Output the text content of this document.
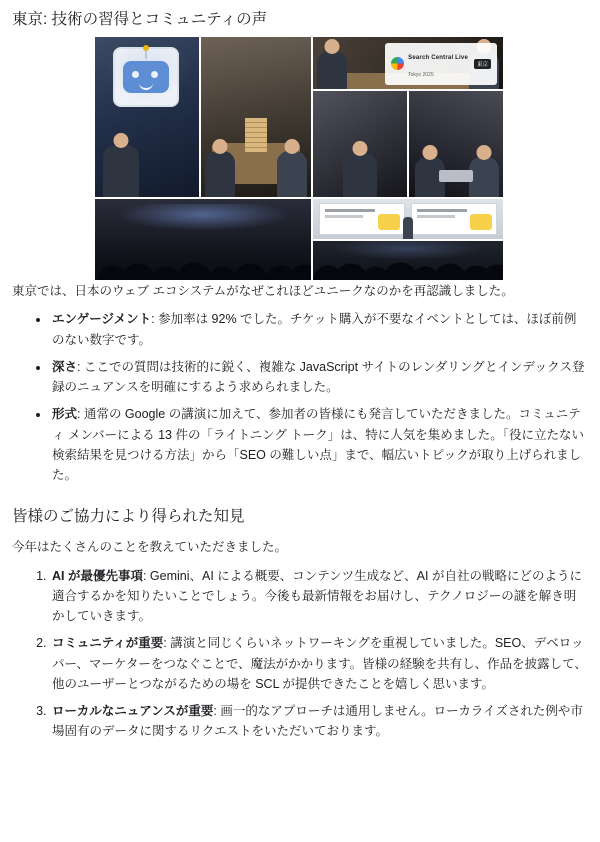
東京: 技術の習得とコミュニティの声
Search Central Live
Tokyo 2025
東京

東京では、日本のウェブ エコシステムがなぜこれほどユニークなのかを再認識しました。

• エンゲージメント: 参加率は 92% でした。チケット購入が不要なイベントとしては、ほぼ前例のない数字です。
• 深さ: ここでの質問は技術的に鋭く、複雑な JavaScript サイトのレンダリングとインデックス登録のニュアンスを明確にするよう求められました。
• 形式: 通常の Google の講演に加えて、参加者の皆様にも発言していただきました。コミュニティ メンバーによる 13 件の「ライトニング トーク」は、特に人気を集めました。「役に立たない検索結果を見つける方法」から「SEO の難しい点」まで、幅広いトピックが取り上げられました。
皆様のご協力により得られた知見

今年はたくさんのことを教えていただきました。

1. AI が最優先事項: Gemini、AI による概要、コンテンツ生成など、AI が自社の戦略にどのように適合するかを知りたいことでしょう。今後も最新情報をお届けし、テクノロジーの謎を解き明かしていきます。
2. コミュニティが重要: 講演と同じくらいネットワーキングを重視していました。SEO、デベロッパー、マーケターをつなぐことで、魔法がかかります。皆様の経験を共有し、作品を披露して、他のユーザーとつながるための場を SCL が提供できたことを嬉しく思います。
3. ローカルなニュアンスが重要: 画一的なアプローチは通用しません。ローカライズされた例や市場固有のデータに関するリクエストをいただいております。
